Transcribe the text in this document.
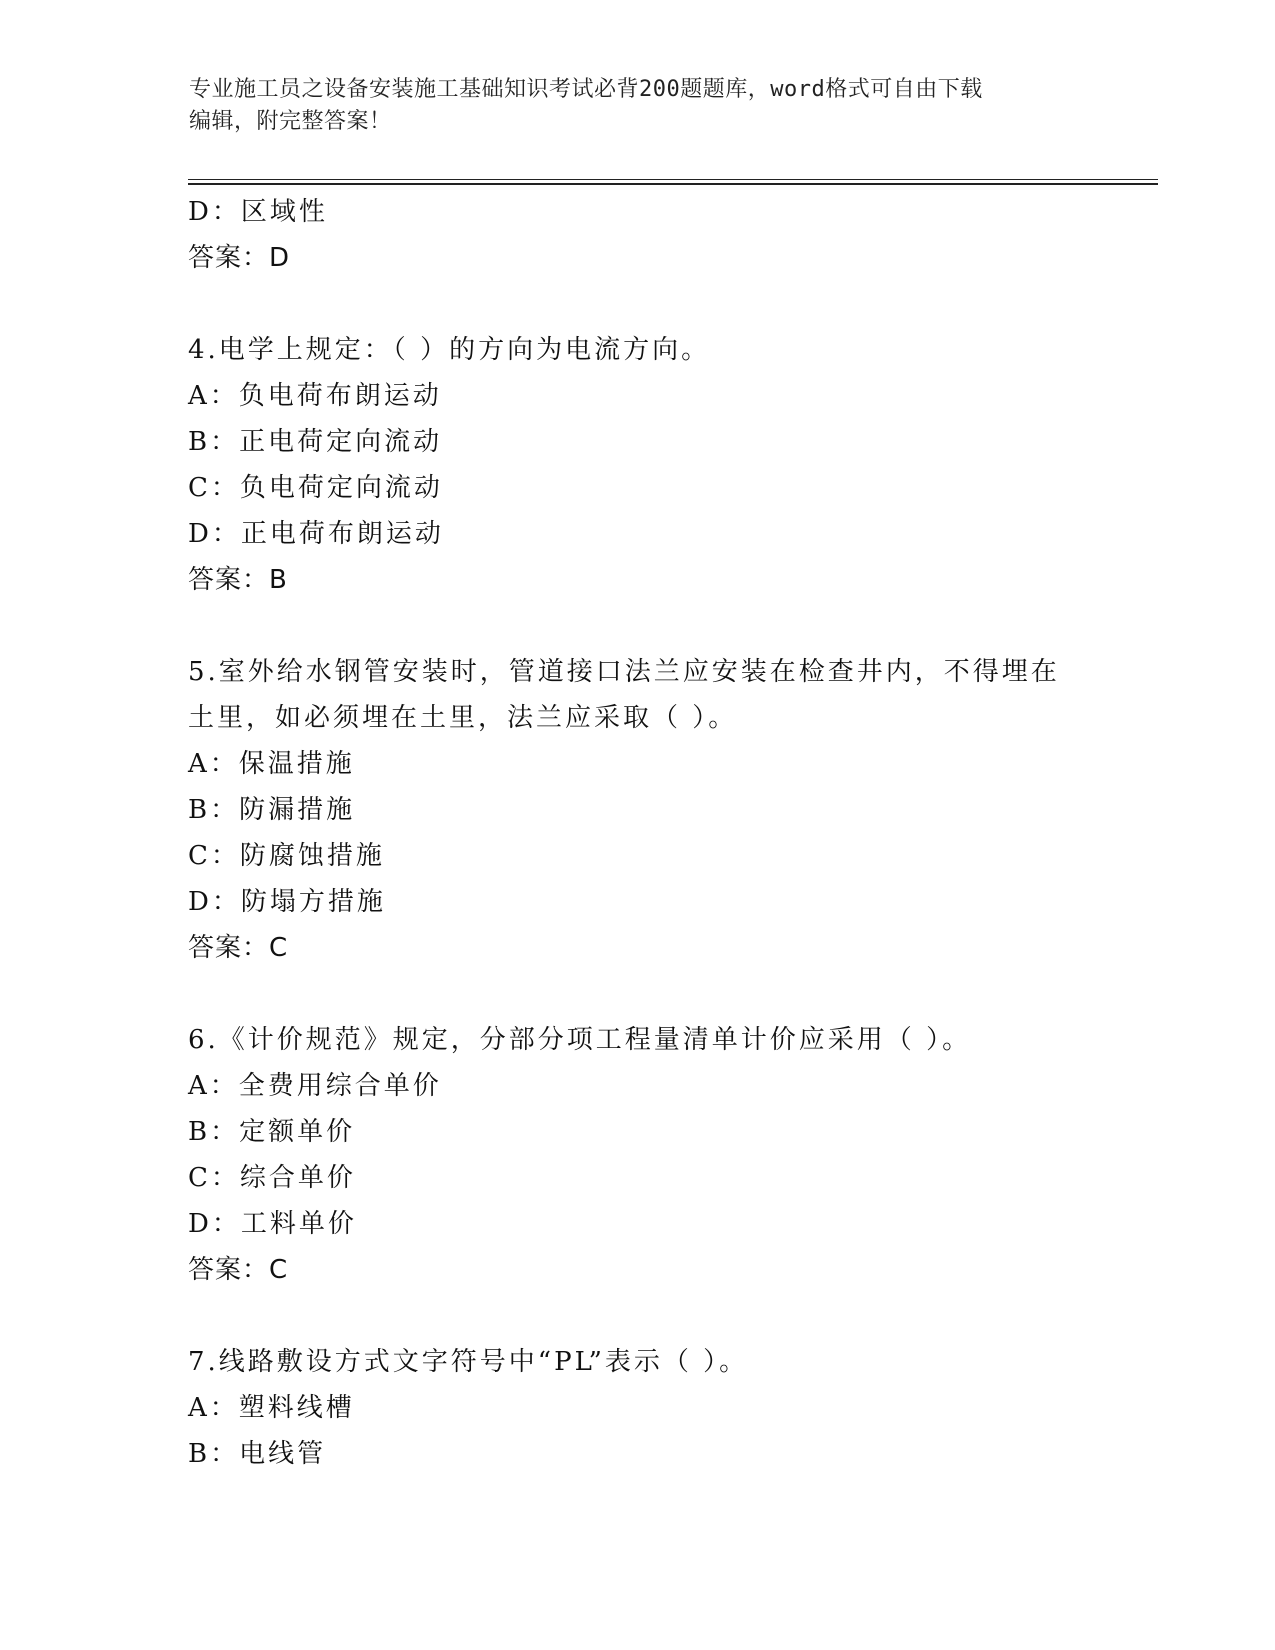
专业施工员之设备安装施工基础知识考试必背200题题库，word格式可自由下载
编辑，附完整答案！
D：区域性
答案：D
4.电学上规定：（ ）的方向为电流方向。
A：负电荷布朗运动
B：正电荷定向流动
C：负电荷定向流动
D：正电荷布朗运动
答案：B
5.室外给水钢管安装时，管道接口法兰应安装在检查井内，不得埋在
土里，如必须埋在土里，法兰应采取（ ）。
A：保温措施
B：防漏措施
C：防腐蚀措施
D：防塌方措施
答案：C
6.《计价规范》规定，分部分项工程量清单计价应采用（ ）。
A：全费用综合单价
B：定额单价
C：综合单价
D：工料单价
答案：C
7.线路敷设方式文字符号中“PL”表示（ ）。
A：塑料线槽
B：电线管
